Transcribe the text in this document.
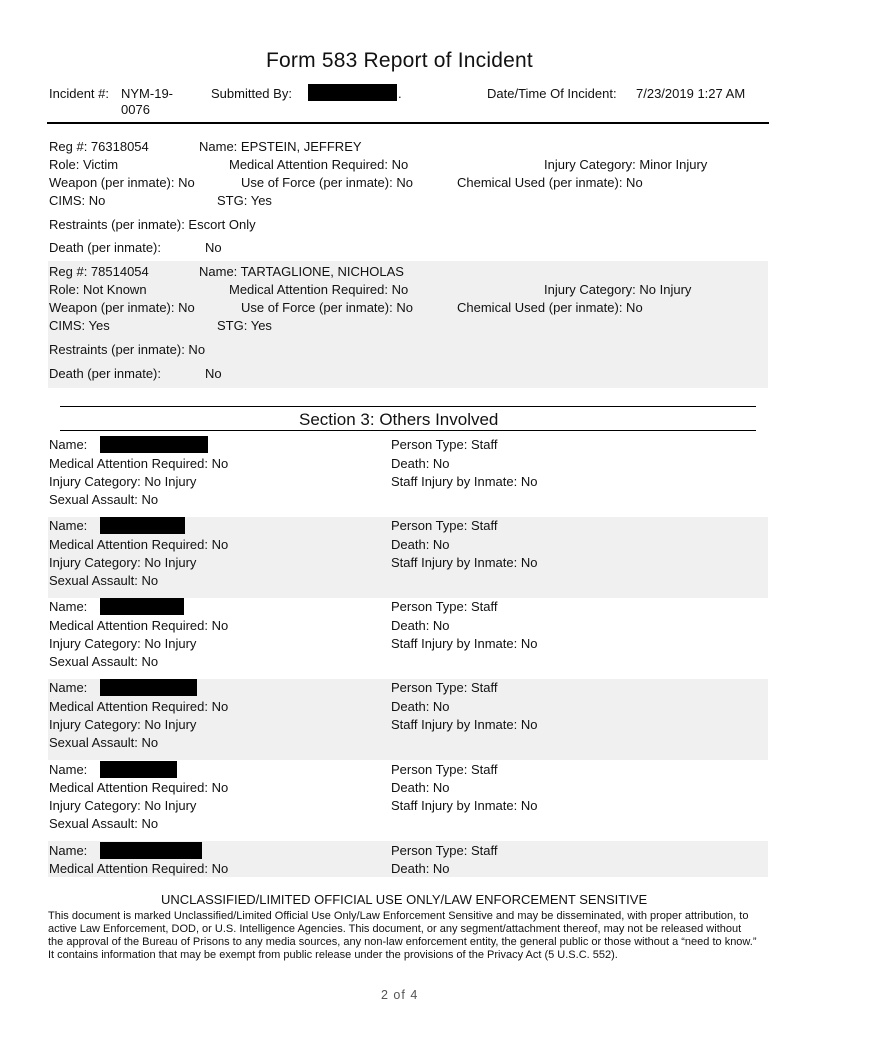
Form 583 Report of Incident
Incident #: NYM-19-
0076
Submitted By:	.	Date/Time Of Incident: 7/23/2019 1:27 AM
Reg #: 76318054	Name: EPSTEIN, JEFFREY
Role: Victim	Medical Attention Required: No	Injury Category: Minor Injury
Weapon (per inmate): No	Use of Force (per inmate): No	Chemical Used (per inmate): No
CIMS: No	STG: Yes
Restraints (per inmate): Escort Only
Death (per inmate):	No
Reg #: 78514054	Name: TARTAGLIONE, NICHOLAS
Role: Not Known	Medical Attention Required: No	Injury Category: No Injury
Weapon (per inmate): No	Use of Force (per inmate): No	Chemical Used (per inmate): No
CIMS: Yes	STG: Yes
Restraints (per inmate): No
Death (per inmate):	No
Section 3: Others Involved
Name:
Medical Attention Required: No
Injury Category: No Injury
Sexual Assault: No
Person Type: Staff
Death: No
Staff Injury by Inmate: No
Name:
Medical Attention Required: No
Injury Category: No Injury
Sexual Assault: No
Person Type: Staff
Death: No
Staff Injury by Inmate: No
Name:
Medical Attention Required: No
Injury Category: No Injury
Sexual Assault: No
Person Type: Staff
Death: No
Staff Injury by Inmate: No
Name:
Medical Attention Required: No
Injury Category: No Injury
Sexual Assault: No
Person Type: Staff
Death: No
Staff Injury by Inmate: No
Name:
Medical Attention Required: No
Injury Category: No Injury
Sexual Assault: No
Person Type: Staff
Death: No
Staff Injury by Inmate: No
Name:
Medical Attention Required: No
Person Type: Staff
Death: No
UNCLASSIFIED/LIMITED OFFICIAL USE ONLY/LAW ENFORCEMENT SENSITIVE
This document is marked Unclassified/Limited Official Use Only/Law Enforcement Sensitive and may be disseminated, with proper attribution, to active Law Enforcement, DOD, or U.S. Intelligence Agencies. This document, or any segment/attachment thereof, may not be released without the approval of the Bureau of Prisons to any media sources, any non-law enforcement entity, the general public or those without a “need to know.” It contains information that may be exempt from public release under the provisions of the Privacy Act (5 U.S.C. 552).
2 of 4
